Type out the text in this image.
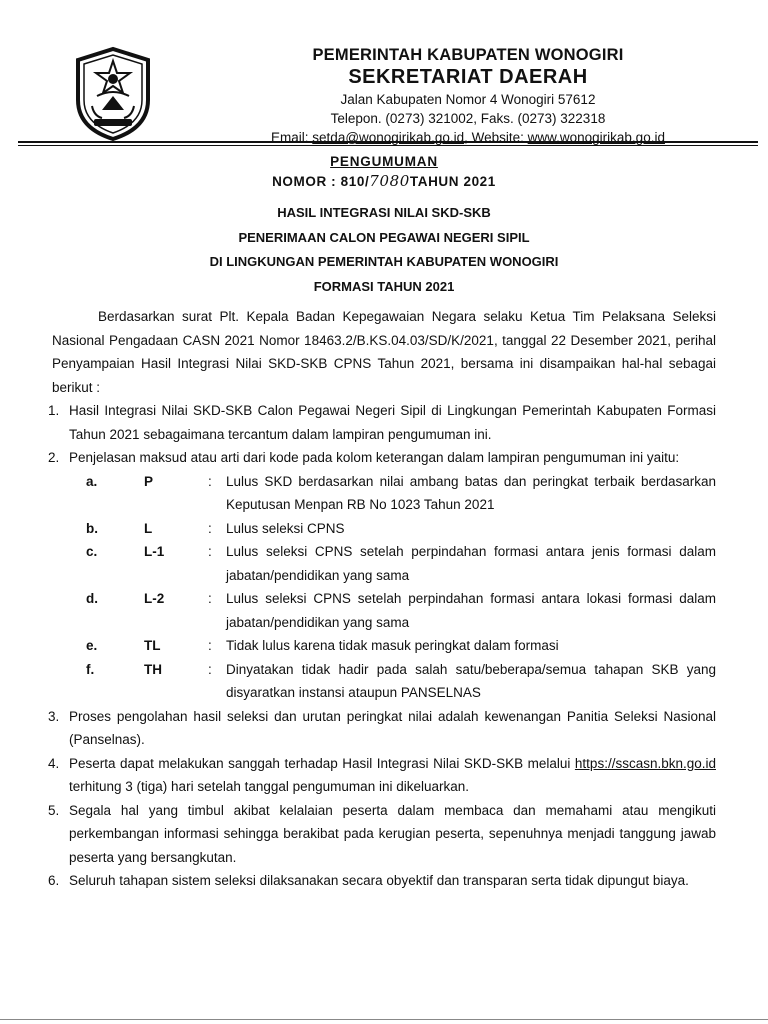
PEMERINTAH KABUPATEN WONOGIRI
SEKRETARIAT DAERAH
Jalan Kabupaten Nomor 4 Wonogiri 57612
Telepon. (0273) 321002, Faks. (0273) 322318
Email: setda@wonogirikab.go.id, Website: www.wonogirikab.go.id
PENGUMUMAN
NOMOR : 810/7080TAHUN 2021
HASIL INTEGRASI NILAI SKD-SKB
PENERIMAAN CALON PEGAWAI NEGERI SIPIL
DI LINGKUNGAN PEMERINTAH KABUPATEN WONOGIRI
FORMASI TAHUN 2021

Berdasarkan surat Plt. Kepala Badan Kepegawaian Negara selaku Ketua Tim Pelaksana Seleksi Nasional Pengadaan CASN 2021 Nomor 18463.2/B.KS.04.03/SD/K/2021, tanggal 22 Desember 2021, perihal Penyampaian Hasil Integrasi Nilai SKD-SKB CPNS Tahun 2021, bersama ini disampaikan hal-hal sebagai berikut :

1. Hasil Integrasi Nilai SKD-SKB Calon Pegawai Negeri Sipil di Lingkungan Pemerintah Kabupaten Formasi Tahun 2021 sebagaimana tercantum dalam lampiran pengumuman ini.
2. Penjelasan maksud atau arti dari kode pada kolom keterangan dalam lampiran pengumuman ini yaitu:
a.	P	:	Lulus SKD berdasarkan nilai ambang batas dan peringkat terbaik berdasarkan Keputusan Menpan RB No 1023 Tahun 2021
b.	L	:	Lulus seleksi CPNS
c.	L-1	:	Lulus seleksi CPNS setelah perpindahan formasi antara jenis formasi dalam jabatan/pendidikan yang sama
d.	L-2	:	Lulus seleksi CPNS setelah perpindahan formasi antara lokasi formasi dalam jabatan/pendidikan yang sama
e.	TL	:	Tidak lulus karena tidak masuk peringkat dalam formasi
f.	TH	:	Dinyatakan tidak hadir pada salah satu/beberapa/semua tahapan SKB yang disyaratkan instansi ataupun PANSELNAS
3. Proses pengolahan hasil seleksi dan urutan peringkat nilai adalah kewenangan Panitia Seleksi Nasional (Panselnas).
4. Peserta dapat melakukan sanggah terhadap Hasil Integrasi Nilai SKD-SKB melalui https://sscasn.bkn.go.id terhitung 3 (tiga) hari setelah tanggal pengumuman ini dikeluarkan.
5. Segala hal yang timbul akibat kelalaian peserta dalam membaca dan memahami atau mengikuti perkembangan informasi sehingga berakibat pada kerugian peserta, sepenuhnya menjadi tanggung jawab peserta yang bersangkutan.
6. Seluruh tahapan sistem seleksi dilaksanakan secara obyektif dan transparan serta tidak dipungut biaya.
